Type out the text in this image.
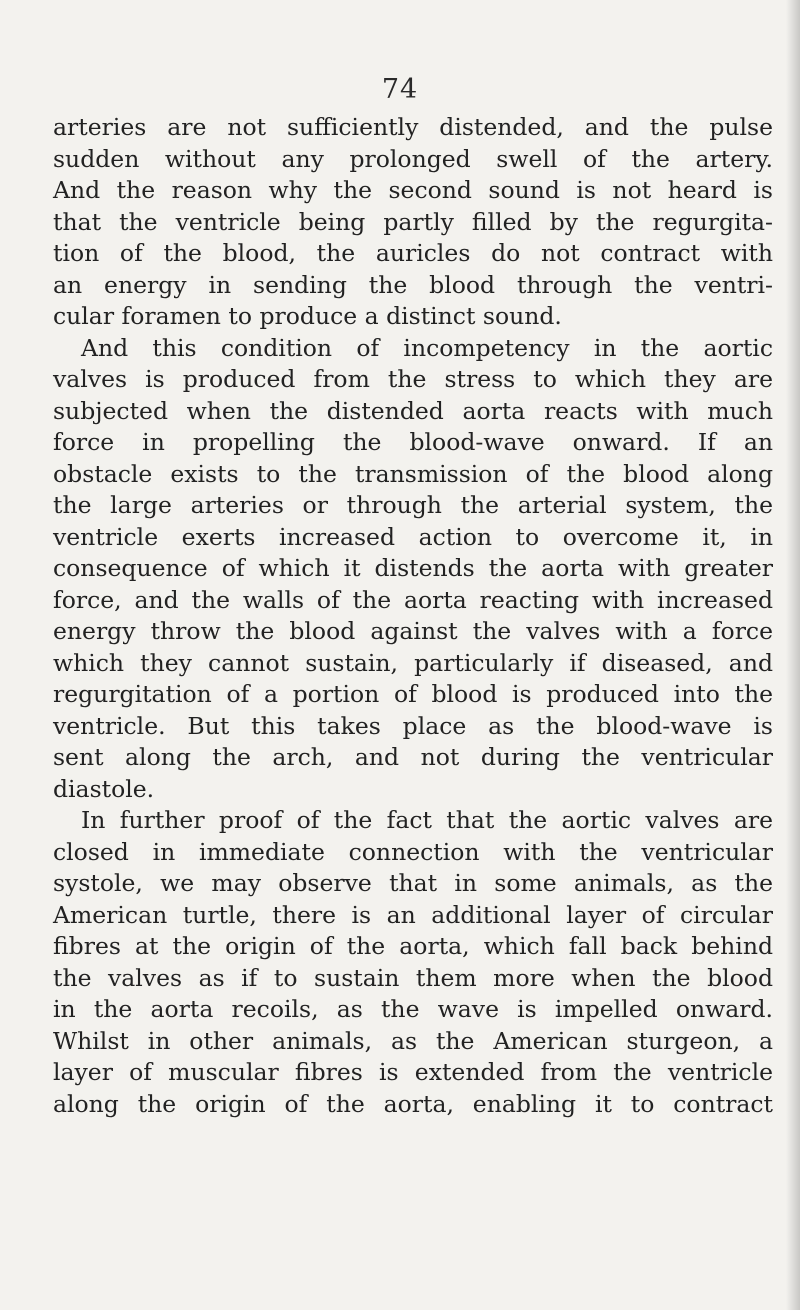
74

arteries are not sufficiently distended, and the pulse
sudden without any prolonged swell of the artery.
And the reason why the second sound is not heard is
that the ventricle being partly filled by the regurgita-
tion of the blood, the auricles do not contract with
an energy in sending the blood through the ventri-
cular foramen to produce a distinct sound.

And this condition of incompetency in the aortic
valves is produced from the stress to which they are
subjected when the distended aorta reacts with much
force in propelling the blood-wave onward. If an
obstacle exists to the transmission of the blood along
the large arteries or through the arterial system, the
ventricle exerts increased action to overcome it, in
consequence of which it distends the aorta with greater
force, and the walls of the aorta reacting with increased
energy throw the blood against the valves with a force
which they cannot sustain, particularly if diseased, and
regurgitation of a portion of blood is produced into the
ventricle. But this takes place as the blood-wave is
sent along the arch, and not during the ventricular
diastole.

In further proof of the fact that the aortic valves are
closed in immediate connection with the ventricular
systole, we may observe that in some animals, as the
American turtle, there is an additional layer of circular
fibres at the origin of the aorta, which fall back behind
the valves as if to sustain them more when the blood
in the aorta recoils, as the wave is impelled onward.
Whilst in other animals, as the American sturgeon, a
layer of muscular fibres is extended from the ventricle
along the origin of the aorta, enabling it to contract
